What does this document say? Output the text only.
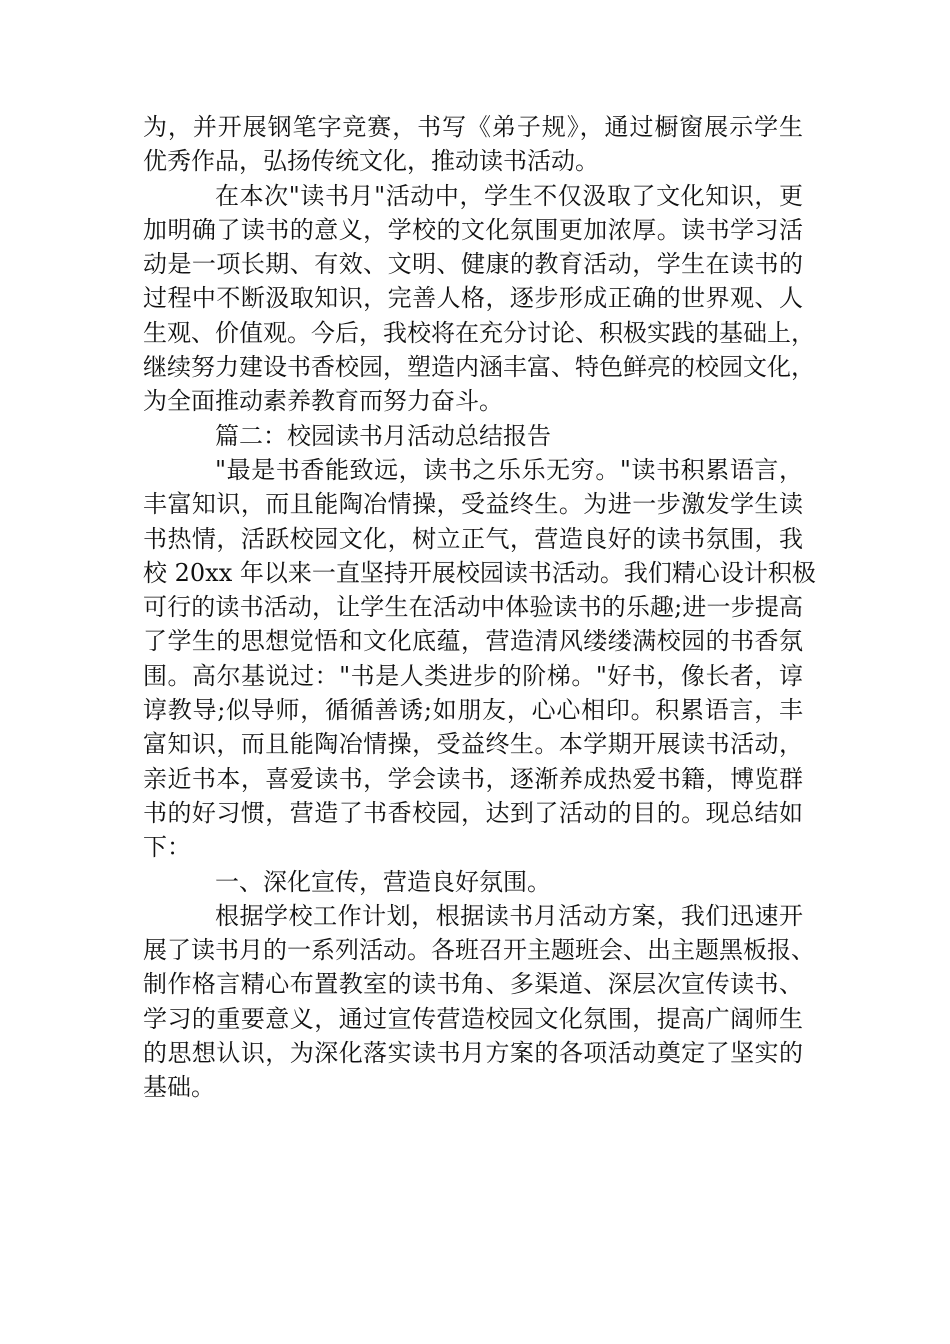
为，并开展钢笔字竞赛，书写《弟子规》，通过橱窗展示学生
优秀作品，弘扬传统文化，推动读书活动。
在本次"读书月"活动中，学生不仅汲取了文化知识，更
加明确了读书的意义，学校的文化氛围更加浓厚。读书学习活
动是一项长期、有效、文明、健康的教育活动，学生在读书的
过程中不断汲取知识，完善人格，逐步形成正确的世界观、人
生观、价值观。今后，我校将在充分讨论、积极实践的基础上，
继续努力建设书香校园，塑造内涵丰富、特色鲜亮的校园文化，
为全面推动素养教育而努力奋斗。
篇二：校园读书月活动总结报告
"最是书香能致远，读书之乐乐无穷。"读书积累语言，
丰富知识，而且能陶冶情操，受益终生。为进一步激发学生读
书热情，活跃校园文化，树立正气，营造良好的读书氛围，我
校 20xx 年以来一直坚持开展校园读书活动。我们精心设计积极
可行的读书活动，让学生在活动中体验读书的乐趣;进一步提高
了学生的思想觉悟和文化底蕴，营造清风缕缕满校园的书香氛
围。高尔基说过："书是人类进步的阶梯。"好书，像长者，谆
谆教导;似导师，循循善诱;如朋友，心心相印。积累语言，丰
富知识，而且能陶冶情操，受益终生。本学期开展读书活动，
亲近书本，喜爱读书，学会读书，逐渐养成热爱书籍，博览群
书的好习惯，营造了书香校园，达到了活动的目的。现总结如
下：
一、深化宣传，营造良好氛围。
根据学校工作计划，根据读书月活动方案，我们迅速开
展了读书月的一系列活动。各班召开主题班会、出主题黑板报、
制作格言精心布置教室的读书角、多渠道、深层次宣传读书、
学习的重要意义，通过宣传营造校园文化氛围，提高广阔师生
的思想认识，为深化落实读书月方案的各项活动奠定了坚实的
基础。
